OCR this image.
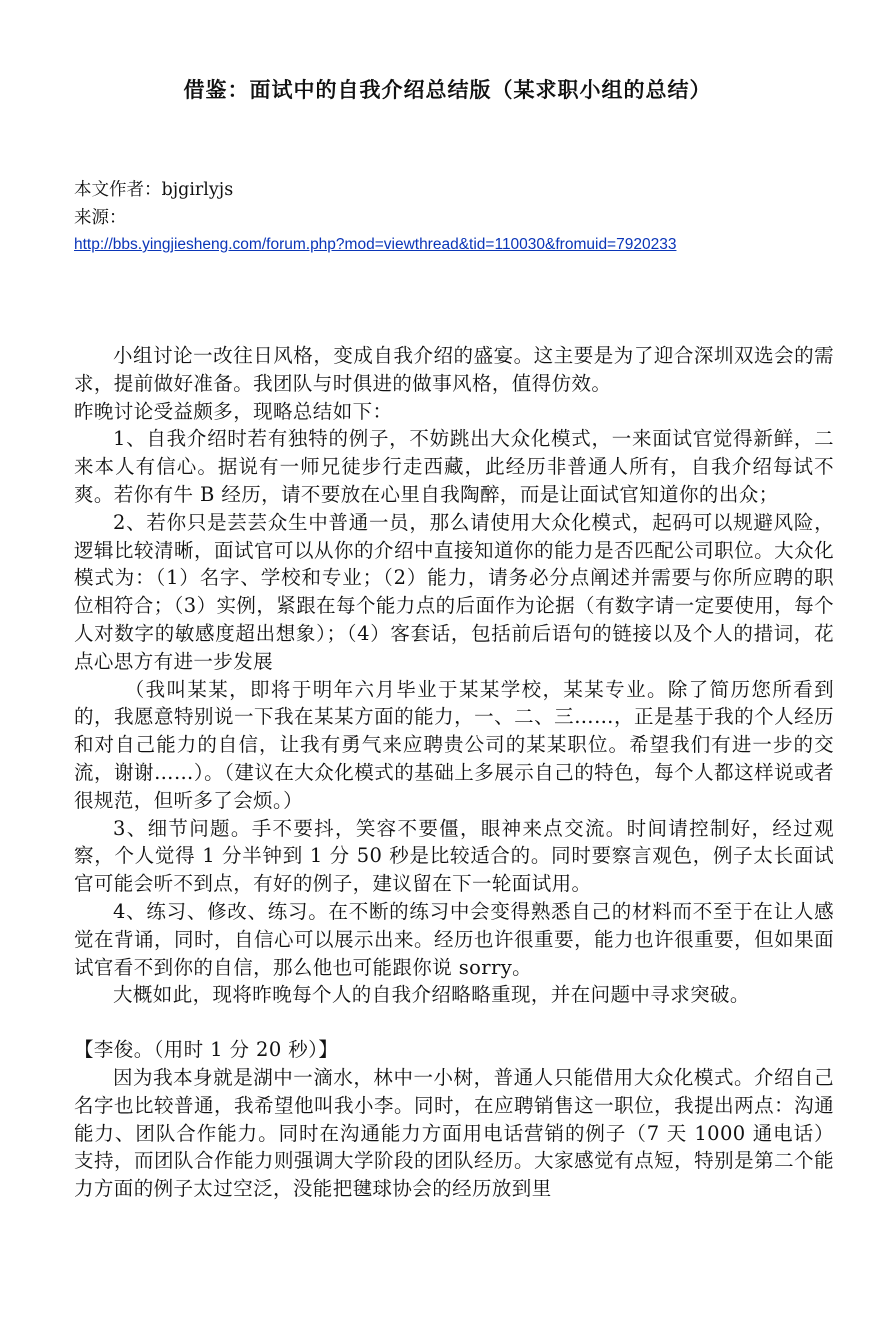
借鉴：面试中的自我介绍总结版（某求职小组的总结）

本文作者：bjgirlyjs

来源：

http://bbs.yingjiesheng.com/forum.php?mod=viewthread&tid=110030&fromuid=7920233

小组讨论一改往日风格，变成自我介绍的盛宴。这主要是为了迎合深圳双选会的需求，提前做好准备。我团队与时俱进的做事风格，值得仿效。

昨晚讨论受益颇多，现略总结如下：

1、自我介绍时若有独特的例子，不妨跳出大众化模式，一来面试官觉得新鲜，二来本人有信心。据说有一师兄徒步行走西藏，此经历非普通人所有，自我介绍每试不爽。若你有牛 B 经历，请不要放在心里自我陶醉，而是让面试官知道你的出众；

2、若你只是芸芸众生中普通一员，那么请使用大众化模式，起码可以规避风险，逻辑比较清晰，面试官可以从你的介绍中直接知道你的能力是否匹配公司职位。大众化模式为：（1）名字、学校和专业；（2）能力，请务必分点阐述并需要与你所应聘的职位相符合；（3）实例，紧跟在每个能力点的后面作为论据（有数字请一定要使用，每个人对数字的敏感度超出想象）；（4）客套话，包括前后语句的链接以及个人的措词，花点心思方有进一步发展

（我叫某某，即将于明年六月毕业于某某学校，某某专业。除了简历您所看到的，我愿意特别说一下我在某某方面的能力，一、二、三……，正是基于我的个人经历和对自己能力的自信，让我有勇气来应聘贵公司的某某职位。希望我们有进一步的交流，谢谢……）。（建议在大众化模式的基础上多展示自己的特色，每个人都这样说或者很规范，但听多了会烦。）

3、细节问题。手不要抖，笑容不要僵，眼神来点交流。时间请控制好，经过观察，个人觉得 1 分半钟到 1 分 50 秒是比较适合的。同时要察言观色，例子太长面试官可能会听不到点，有好的例子，建议留在下一轮面试用。

4、练习、修改、练习。在不断的练习中会变得熟悉自己的材料而不至于在让人感觉在背诵，同时，自信心可以展示出来。经历也许很重要，能力也许很重要，但如果面试官看不到你的自信，那么他也可能跟你说 sorry。

大概如此，现将昨晚每个人的自我介绍略略重现，并在问题中寻求突破。

【李俊。（用时 1 分 20 秒）】

因为我本身就是湖中一滴水，林中一小树，普通人只能借用大众化模式。介绍自己名字也比较普通，我希望他叫我小李。同时，在应聘销售这一职位，我提出两点：沟通能力、团队合作能力。同时在沟通能力方面用电话营销的例子（7 天 1000 通电话）支持，而团队合作能力则强调大学阶段的团队经历。大家感觉有点短，特别是第二个能力方面的例子太过空泛，没能把毽球协会的经历放到里
